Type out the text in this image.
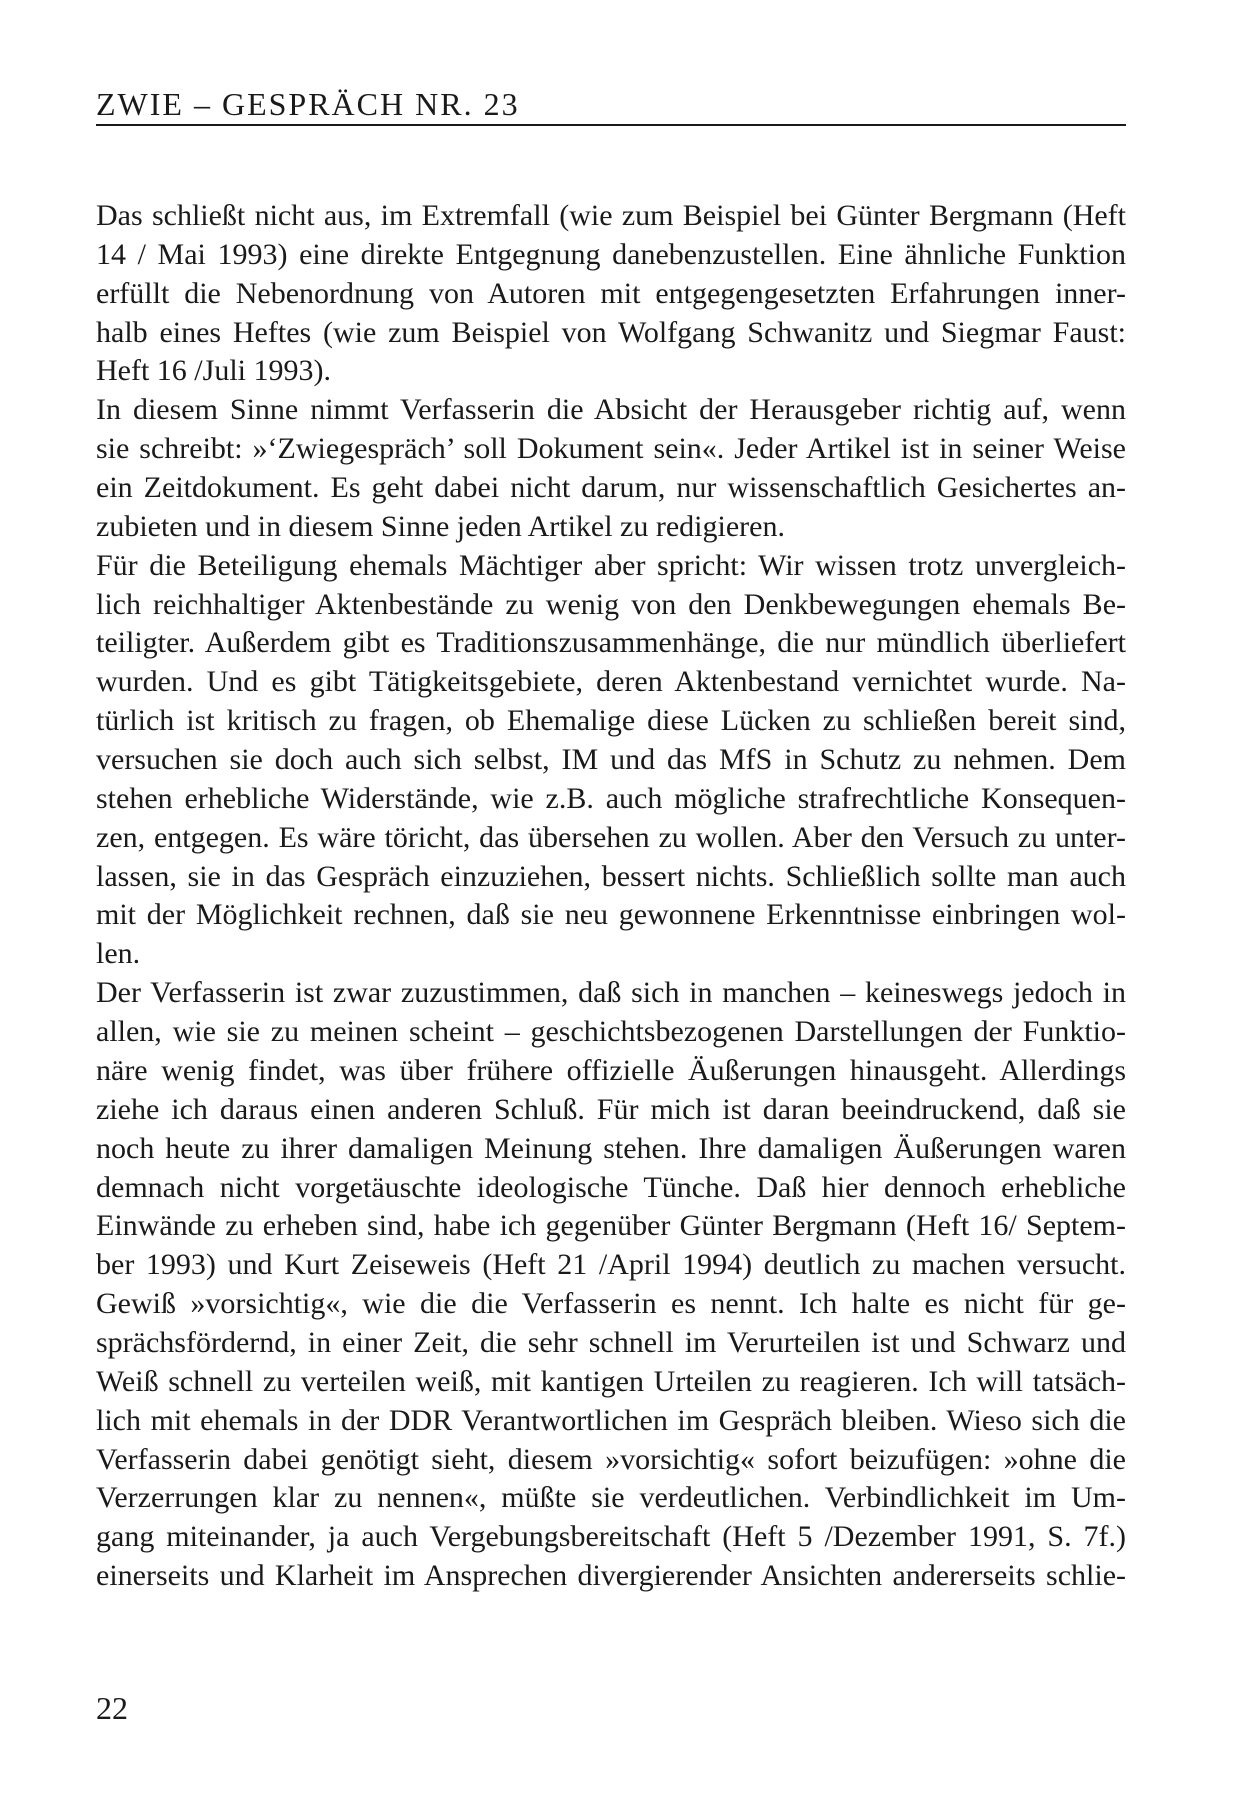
ZWIE – GESPRÄCH NR. 23
Das schließt nicht aus, im Extremfall (wie zum Beispiel bei Günter Bergmann (Heft
14 / Mai 1993) eine direkte Entgegnung danebenzustellen. Eine ähnliche Funktion
erfüllt die Nebenordnung von Autoren mit entgegengesetzten Erfahrungen inner-
halb eines Heftes (wie zum Beispiel von Wolfgang Schwanitz und Siegmar Faust:
Heft 16 /Juli 1993).
In diesem Sinne nimmt Verfasserin die Absicht der Herausgeber richtig auf, wenn
sie schreibt: »‘Zwiegespräch’ soll Dokument sein«. Jeder Artikel ist in seiner Weise
ein Zeitdokument. Es geht dabei nicht darum, nur wissenschaftlich Gesichertes an-
zubieten und in diesem Sinne jeden Artikel zu redigieren.
Für die Beteiligung ehemals Mächtiger aber spricht: Wir wissen trotz unvergleich-
lich reichhaltiger Aktenbestände zu wenig von den Denkbewegungen ehemals Be-
teiligter. Außerdem gibt es Traditionszusammenhänge, die nur mündlich überliefert
wurden. Und es gibt Tätigkeitsgebiete, deren Aktenbestand vernichtet wurde. Na-
türlich ist kritisch zu fragen, ob Ehemalige diese Lücken zu schließen bereit sind,
versuchen sie doch auch sich selbst, IM und das MfS in Schutz zu nehmen. Dem
stehen erhebliche Widerstände, wie z.B. auch mögliche strafrechtliche Konsequen-
zen, entgegen. Es wäre töricht, das übersehen zu wollen. Aber den Versuch zu unter-
lassen, sie in das Gespräch einzuziehen, bessert nichts. Schließlich sollte man auch
mit der Möglichkeit rechnen, daß sie neu gewonnene Erkenntnisse einbringen wol-
len.
Der Verfasserin ist zwar zuzustimmen, daß sich in manchen – keineswegs jedoch in
allen, wie sie zu meinen scheint – geschichtsbezogenen Darstellungen der Funktio-
näre wenig findet, was über frühere offizielle Äußerungen hinausgeht. Allerdings
ziehe ich daraus einen anderen Schluß. Für mich ist daran beeindruckend, daß sie
noch heute zu ihrer damaligen Meinung stehen. Ihre damaligen Äußerungen waren
demnach nicht vorgetäuschte ideologische Tünche. Daß hier dennoch erhebliche
Einwände zu erheben sind, habe ich gegenüber Günter Bergmann (Heft 16/ Septem-
ber 1993) und Kurt Zeiseweis (Heft 21 /April 1994) deutlich zu machen versucht.
Gewiß »vorsichtig«, wie die die Verfasserin es nennt. Ich halte es nicht für ge-
sprächsfördernd, in einer Zeit, die sehr schnell im Verurteilen ist und Schwarz und
Weiß schnell zu verteilen weiß, mit kantigen Urteilen zu reagieren. Ich will tatsäch-
lich mit ehemals in der DDR Verantwortlichen im Gespräch bleiben. Wieso sich die
Verfasserin dabei genötigt sieht, diesem »vorsichtig« sofort beizufügen: »ohne die
Verzerrungen klar zu nennen«, müßte sie verdeutlichen. Verbindlichkeit im Um-
gang miteinander, ja auch Vergebungsbereitschaft (Heft 5 /Dezember 1991, S. 7f.)
einerseits und Klarheit im Ansprechen divergierender Ansichten andererseits schlie-
22
